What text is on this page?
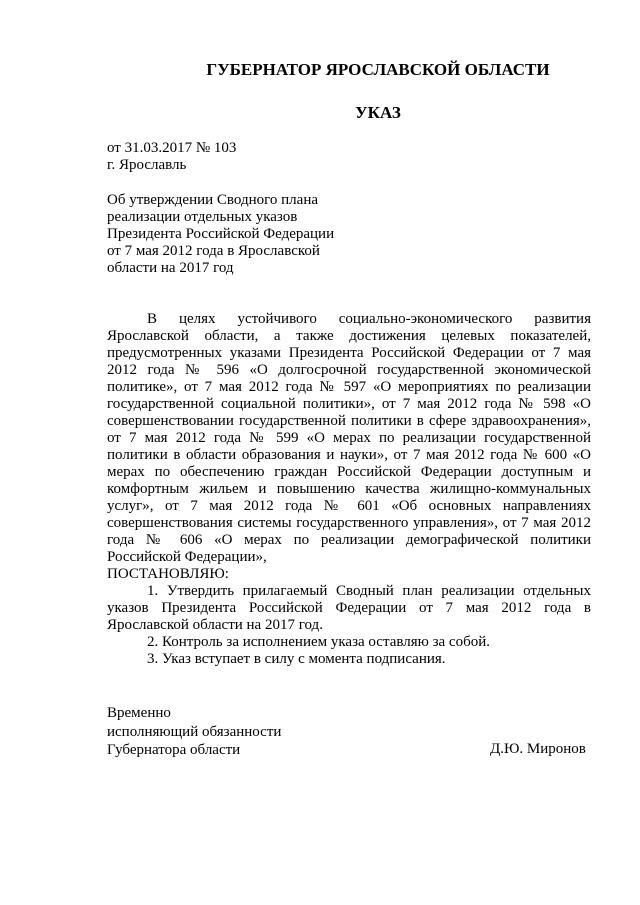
ГУБЕРНАТОР ЯРОСЛАВСКОЙ ОБЛАСТИ
УКАЗ
от 31.03.2017 № 103
г. Ярославль
Об утверждении Сводного плана
реализации отдельных указов
Президента Российской Федерации
от 7 мая 2012 года в Ярославской
области на 2017 год

В целях устойчивого социально-экономического развития Ярославской области, а также достижения целевых показателей, предусмотренных указами Президента Российской Федерации от 7 мая 2012 года № 596 «О долгосрочной государственной экономической политике», от 7 мая 2012 года № 597 «О мероприятиях по реализации государственной социальной политики», от 7 мая 2012 года № 598 «О совершенствовании государственной политики в сфере здравоохранения», от 7 мая 2012 года № 599 «О мерах по реализации государственной политики в области образования и науки», от 7 мая 2012 года № 600 «О мерах по обеспечению граждан Российской Федерации доступным и комфортным жильем и повышению качества жилищно-коммунальных услуг», от 7 мая 2012 года № 601 «Об основных направлениях совершенствования системы государственного управления», от 7 мая 2012 года № 606 «О мерах по реализации демографической политики Российской Федерации»,

ПОСТАНОВЛЯЮ:

1. Утвердить прилагаемый Сводный план реализации отдельных указов Президента Российской Федерации от 7 мая 2012 года в Ярославской области на 2017 год.

2. Контроль за исполнением указа оставляю за собой.

3. Указ вступает в силу с момента подписания.

Временно
исполняющий обязанности
Губернатора области	Д.Ю. Миронов
